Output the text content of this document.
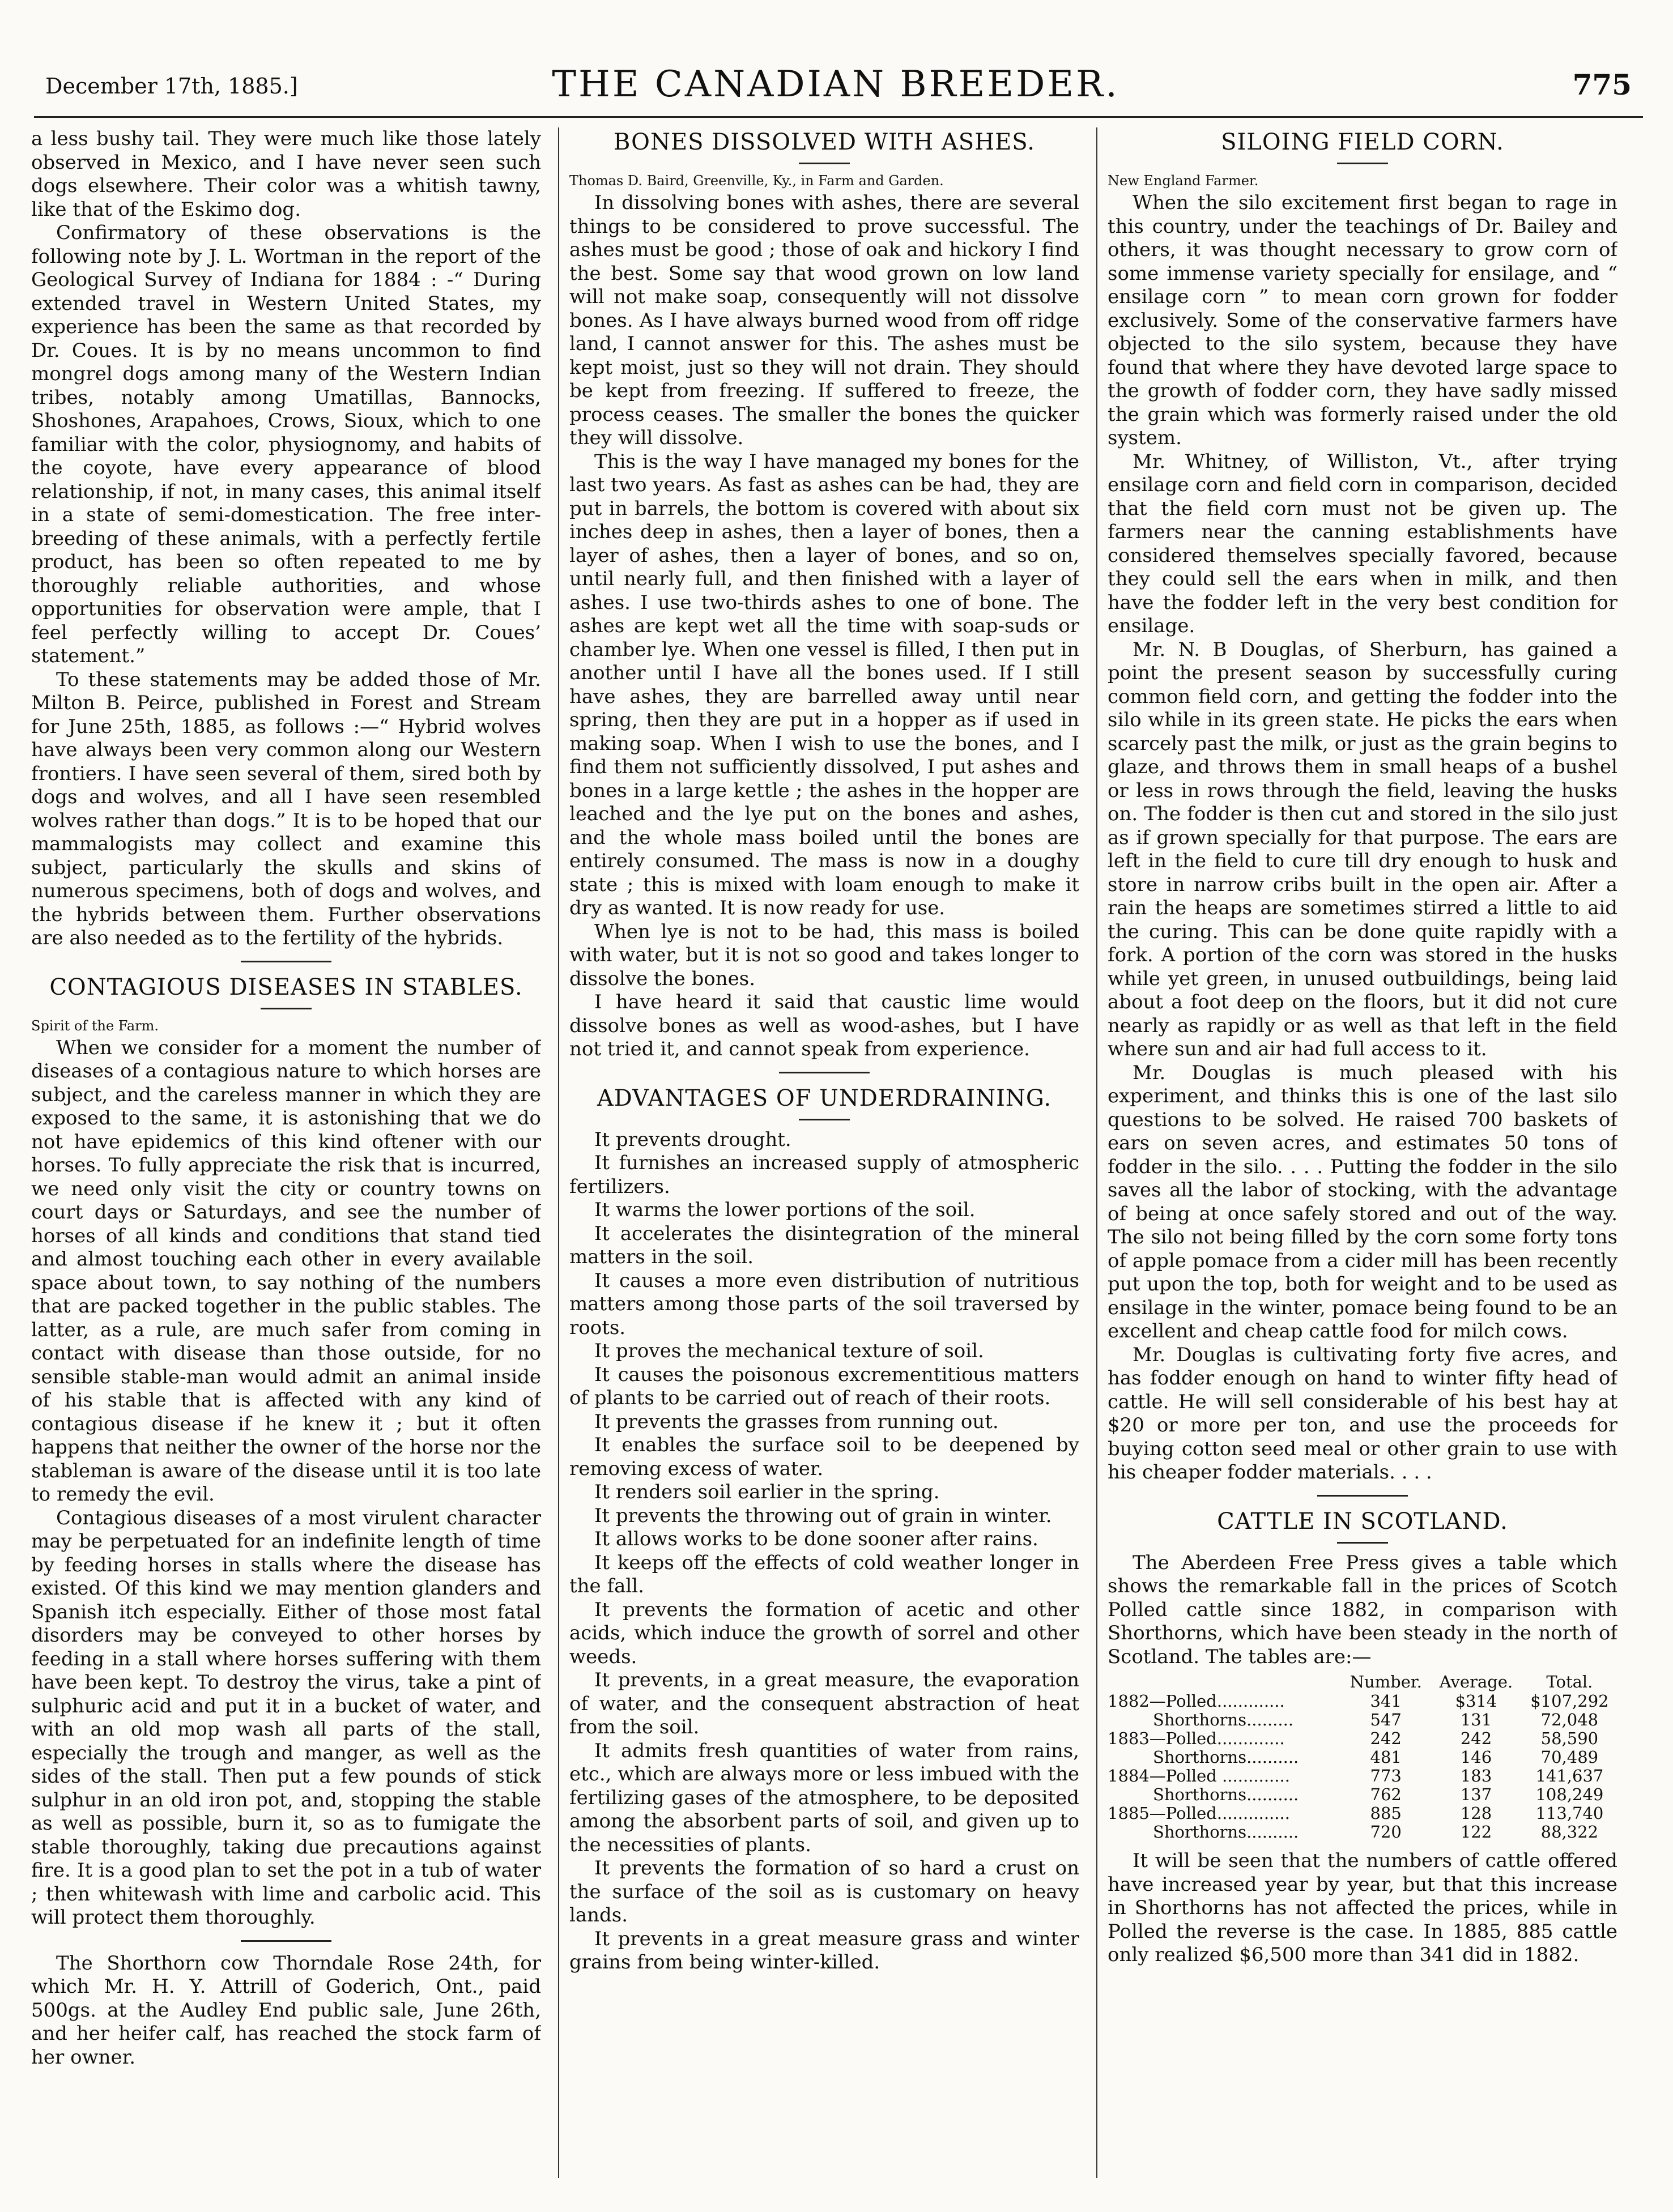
December 17th, 1885.]	THE CANADIAN BREEDER.	775

a less bushy tail. They were much like those lately observed in Mexico, and I have never seen such dogs elsewhere. Their color was a whitish tawny, like that of the Eskimo dog.

Confirmatory of these observations is the following note by J. L. Wortman in the report of the Geological Survey of Indiana for 1884 : -“ During extended travel in Western United States, my experience has been the same as that recorded by Dr. Coues. It is by no means uncommon to find mongrel dogs among many of the Western Indian tribes, notably among Umatillas, Bannocks, Shoshones, Arapahoes, Crows, Sioux, which to one familiar with the color, physiognomy, and habits of the coyote, have every appearance of blood relationship, if not, in many cases, this animal itself in a state of semi-domestication. The free inter-breeding of these animals, with a perfectly fertile product, has been so often repeated to me by thoroughly reliable authorities, and whose opportunities for observation were ample, that I feel perfectly willing to accept Dr. Coues’ statement.”

To these statements may be added those of Mr. Milton B. Peirce, published in Forest and Stream for June 25th, 1885, as follows :—“ Hybrid wolves have always been very common along our Western frontiers. I have seen several of them, sired both by dogs and wolves, and all I have seen resembled wolves rather than dogs.” It is to be hoped that our mammalogists may collect and examine this subject, particularly the skulls and skins of numerous specimens, both of dogs and wolves, and the hybrids between them. Further observations are also needed as to the fertility of the hybrids.

CONTAGIOUS DISEASES IN STABLES.

Spirit of the Farm.

When we consider for a moment the number of diseases of a contagious nature to which horses are subject, and the careless manner in which they are exposed to the same, it is astonishing that we do not have epidemics of this kind oftener with our horses. To fully appreciate the risk that is incurred, we need only visit the city or country towns on court days or Saturdays, and see the number of horses of all kinds and conditions that stand tied and almost touching each other in every available space about town, to say nothing of the numbers that are packed together in the public stables. The latter, as a rule, are much safer from coming in contact with disease than those outside, for no sensible stable-man would admit an animal inside of his stable that is affected with any kind of contagious disease if he knew it ; but it often happens that neither the owner of the horse nor the stableman is aware of the disease until it is too late to remedy the evil.

Contagious diseases of a most virulent character may be perpetuated for an indefinite length of time by feeding horses in stalls where the disease has existed. Of this kind we may mention glanders and Spanish itch especially. Either of those most fatal disorders may be conveyed to other horses by feeding in a stall where horses suffering with them have been kept. To destroy the virus, take a pint of sulphuric acid and put it in a bucket of water, and with an old mop wash all parts of the stall, especially the trough and manger, as well as the sides of the stall. Then put a few pounds of stick sulphur in an old iron pot, and, stopping the stable as well as possible, burn it, so as to fumigate the stable thoroughly, taking due precautions against fire. It is a good plan to set the pot in a tub of water ; then whitewash with lime and carbolic acid. This will protect them thoroughly.

The Shorthorn cow Thorndale Rose 24th, for which Mr. H. Y. Attrill of Goderich, Ont., paid 500gs. at the Audley End public sale, June 26th, and her heifer calf, has reached the stock farm of her owner.

BONES DISSOLVED WITH ASHES.

Thomas D. Baird, Greenville, Ky., in Farm and Garden.

In dissolving bones with ashes, there are several things to be considered to prove successful. The ashes must be good ; those of oak and hickory I find the best. Some say that wood grown on low land will not make soap, consequently will not dissolve bones. As I have always burned wood from off ridge land, I cannot answer for this. The ashes must be kept moist, just so they will not drain. They should be kept from freezing. If suffered to freeze, the process ceases. The smaller the bones the quicker they will dissolve.

This is the way I have managed my bones for the last two years. As fast as ashes can be had, they are put in barrels, the bottom is covered with about six inches deep in ashes, then a layer of bones, then a layer of ashes, then a layer of bones, and so on, until nearly full, and then finished with a layer of ashes. I use two-thirds ashes to one of bone. The ashes are kept wet all the time with soap-suds or chamber lye. When one vessel is filled, I then put in another until I have all the bones used. If I still have ashes, they are barrelled away until near spring, then they are put in a hopper as if used in making soap. When I wish to use the bones, and I find them not sufficiently dissolved, I put ashes and bones in a large kettle ; the ashes in the hopper are leached and the lye put on the bones and ashes, and the whole mass boiled until the bones are entirely consumed. The mass is now in a doughy state ; this is mixed with loam enough to make it dry as wanted. It is now ready for use.

When lye is not to be had, this mass is boiled with water, but it is not so good and takes longer to dissolve the bones.

I have heard it said that caustic lime would dissolve bones as well as wood-ashes, but I have not tried it, and cannot speak from experience.

ADVANTAGES OF UNDERDRAINING.

It prevents drought.

It furnishes an increased supply of atmospheric fertilizers.

It warms the lower portions of the soil.

It accelerates the disintegration of the mineral matters in the soil.

It causes a more even distribution of nutritious matters among those parts of the soil traversed by roots.

It proves the mechanical texture of soil.

It causes the poisonous excrementitious matters of plants to be carried out of reach of their roots.

It prevents the grasses from running out.

It enables the surface soil to be deepened by removing excess of water.

It renders soil earlier in the spring.

It prevents the throwing out of grain in winter.

It allows works to be done sooner after rains.

It keeps off the effects of cold weather longer in the fall.

It prevents the formation of acetic and other acids, which induce the growth of sorrel and other weeds.

It prevents, in a great measure, the evaporation of water, and the consequent abstraction of heat from the soil.

It admits fresh quantities of water from rains, etc., which are always more or less imbued with the fertilizing gases of the atmosphere, to be deposited among the absorbent parts of soil, and given up to the necessities of plants.

It prevents the formation of so hard a crust on the surface of the soil as is customary on heavy lands.

It prevents in a great measure grass and winter grains from being winter-killed.

SILOING FIELD CORN.

New England Farmer.

When the silo excitement first began to rage in this country, under the teachings of Dr. Bailey and others, it was thought necessary to grow corn of some immense variety specially for ensilage, and “ ensilage corn ” to mean corn grown for fodder exclusively. Some of the conservative farmers have objected to the silo system, because they have found that where they have devoted large space to the growth of fodder corn, they have sadly missed the grain which was formerly raised under the old system.

Mr. Whitney, of Williston, Vt., after trying ensilage corn and field corn in comparison, decided that the field corn must not be given up. The farmers near the canning establishments have considered themselves specially favored, because they could sell the ears when in milk, and then have the fodder left in the very best condition for ensilage.

Mr. N. B Douglas, of Sherburn, has gained a point the present season by successfully curing common field corn, and getting the fodder into the silo while in its green state. He picks the ears when scarcely past the milk, or just as the grain begins to glaze, and throws them in small heaps of a bushel or less in rows through the field, leaving the husks on. The fodder is then cut and stored in the silo just as if grown specially for that purpose. The ears are left in the field to cure till dry enough to husk and store in narrow cribs built in the open air. After a rain the heaps are sometimes stirred a little to aid the curing. This can be done quite rapidly with a fork. A portion of the corn was stored in the husks while yet green, in unused outbuildings, being laid about a foot deep on the floors, but it did not cure nearly as rapidly or as well as that left in the field where sun and air had full access to it.

Mr. Douglas is much pleased with his experiment, and thinks this is one of the last silo questions to be solved. He raised 700 baskets of ears on seven acres, and estimates 50 tons of fodder in the silo. . . . Putting the fodder in the silo saves all the labor of stocking, with the advantage of being at once safely stored and out of the way. The silo not being filled by the corn some forty tons of apple pomace from a cider mill has been recently put upon the top, both for weight and to be used as ensilage in the winter, pomace being found to be an excellent and cheap cattle food for milch cows.

Mr. Douglas is cultivating forty five acres, and has fodder enough on hand to winter fifty head of cattle. He will sell considerable of his best hay at $20 or more per ton, and use the proceeds for buying cotton seed meal or other grain to use with his cheaper fodder materials. . . .

CATTLE IN SCOTLAND.

The Aberdeen Free Press gives a table which shows the remarkable fall in the prices of Scotch Polled cattle since 1882, in comparison with Shorthorns, which have been steady in the north of Scotland. The tables are:—

	Number.	Average.	Total.
1882—Polled.............	341	$314	$107,292
Shorthorns.........	547	131	72,048
1883—Polled.............	242	242	58,590
Shorthorns..........	481	146	70,489
1884—Polled .............	773	183	141,637
Shorthorns..........	762	137	108,249
1885—Polled..............	885	128	113,740
Shorthorns..........	720	122	88,322

It will be seen that the numbers of cattle offered have increased year by year, but that this increase in Shorthorns has not affected the prices, while in Polled the reverse is the case. In 1885, 885 cattle only realized $6,500 more than 341 did in 1882.
